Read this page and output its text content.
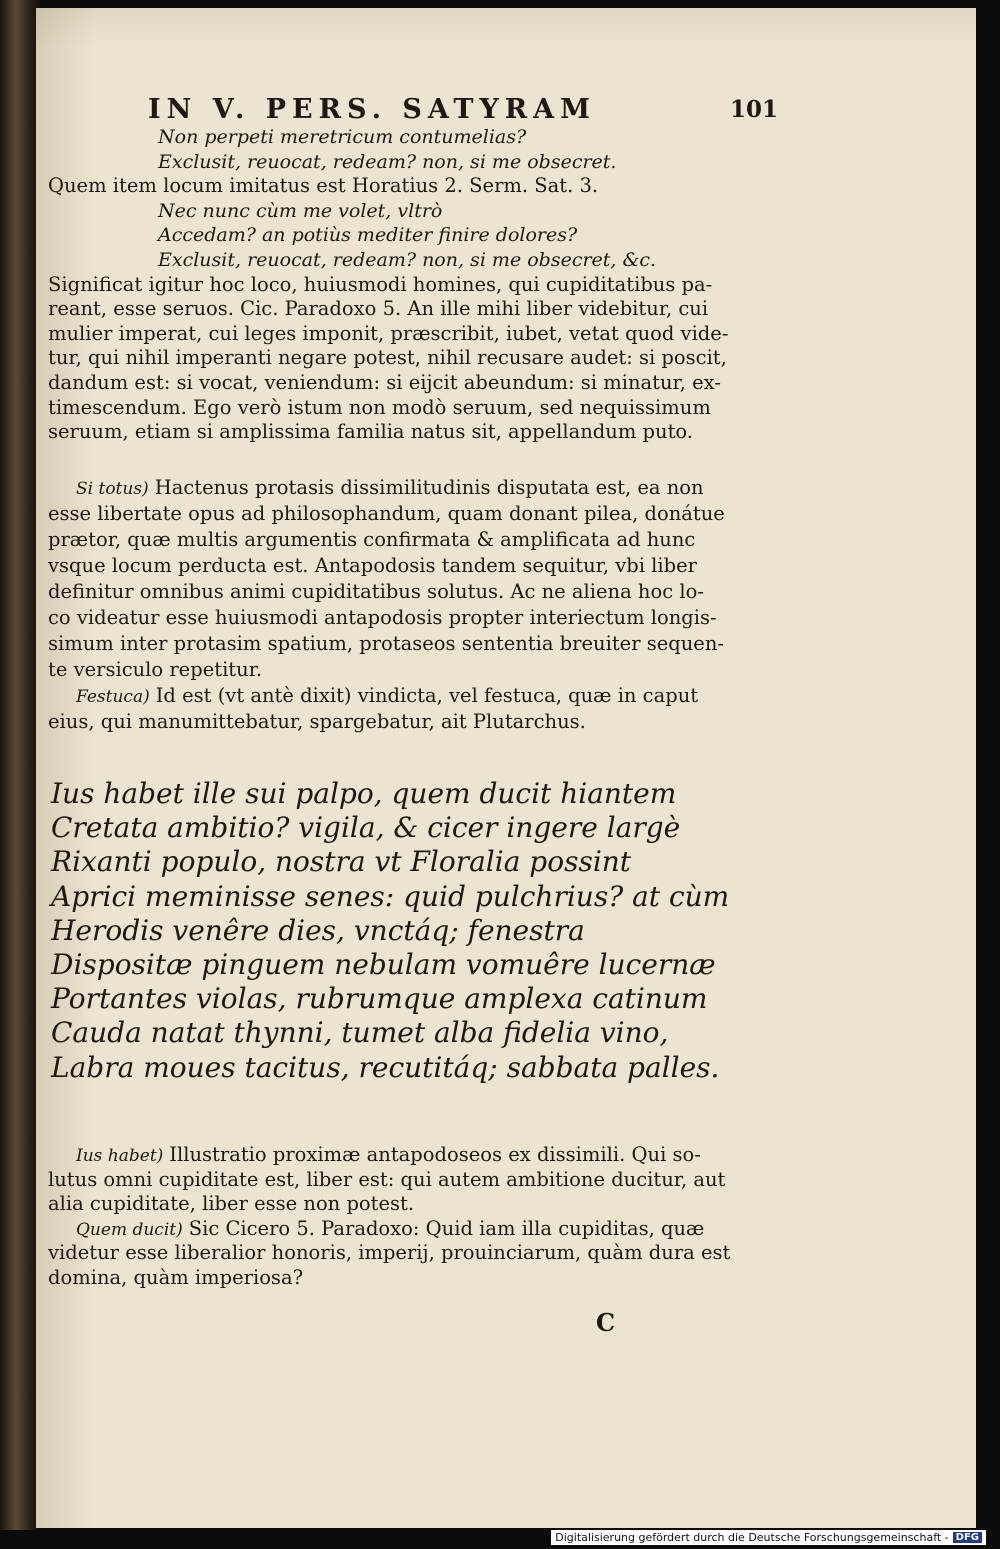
IN V. PERS. SATYRAM	101
Non perpeti meretricum contumelias?
Exclusit, reuocat, redeam? non, si me obsecret.
Quem item locum imitatus est Horatius 2. Serm. Sat. 3.
Nec nunc cùm me volet, vltrò
Accedam? an potiùs mediter finire dolores?
Exclusit, reuocat, redeam? non, si me obsecret, &c.
Significat igitur hoc loco, huiusmodi homines, qui cupiditatibus pa-
reant, esse seruos. Cic. Paradoxo 5. An ille mihi liber videbitur, cui
mulier imperat, cui leges imponit, præscribit, iubet, vetat quod vide-
tur, qui nihil imperanti negare potest, nihil recusare audet: si poscit,
dandum est: si vocat, veniendum: si eijcit abeundum: si minatur, ex-
timescendum. Ego verò istum non modò seruum, sed nequissimum
seruum, etiam si amplissima familia natus sit, appellandum puto.
Si totus) Hactenus protasis dissimilitudinis disputata est, ea non
esse libertate opus ad philosophandum, quam donant pilea, donátue
prætor, quæ multis argumentis confirmata & amplificata ad hunc
vsque locum perducta est. Antapodosis tandem sequitur, vbi liber
definitur omnibus animi cupiditatibus solutus. Ac ne aliena hoc lo-
co videatur esse huiusmodi antapodosis propter interiectum longis-
simum inter protasim spatium, protaseos sententia breuiter sequen-
te versiculo repetitur.
Festuca) Id est (vt antè dixit) vindicta, vel festuca, quæ in caput
eius, qui manumittebatur, spargebatur, ait Plutarchus.
Ius habet ille sui palpo, quem ducit hiantem
Cretata ambitio? vigila, & cicer ingere largè
Rixanti populo, nostra vt Floralia possint
Aprici meminisse senes: quid pulchrius? at cùm
Herodis venêre dies, vnctáq; fenestra
Dispositæ pinguem nebulam vomuêre lucernæ
Portantes violas, rubrumque amplexa catinum
Cauda natat thynni, tumet alba fidelia vino,
Labra moues tacitus, recutitáq; sabbata palles.
Ius habet) Illustratio proximæ antapodoseos ex dissimili. Qui so-
lutus omni cupiditate est, liber est: qui autem ambitione ducitur, aut
alia cupiditate, liber esse non potest.
Quem ducit) Sic Cicero 5. Paradoxo: Quid iam illa cupiditas, quæ
videtur esse liberalior honoris, imperij, prouinciarum, quàm dura est
domina, quàm imperiosa?
C
Digitalisierung gefördert durch die Deutsche Forschungsgemeinschaft - DFG
